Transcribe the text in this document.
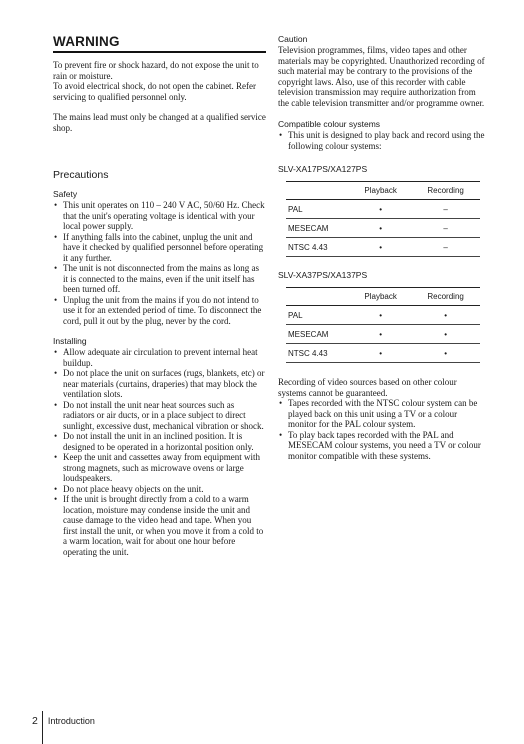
WARNING

To prevent fire or shock hazard, do not expose the unit to rain or moisture.

To avoid electrical shock, do not open the cabinet. Refer servicing to qualified personnel only.

The mains lead must only be changed at a qualified service shop.

Precautions
Safety
• This unit operates on 110 – 240 V AC, 50/60 Hz. Check that the unit's operating voltage is identical with your local power supply.
• If anything falls into the cabinet, unplug the unit and have it checked by qualified personnel before operating it any further.
• The unit is not disconnected from the mains as long as it is connected to the mains, even if the unit itself has been turned off.
• Unplug the unit from the mains if you do not intend to use it for an extended period of time. To disconnect the cord, pull it out by the plug, never by the cord.
Installing
• Allow adequate air circulation to prevent internal heat buildup.
• Do not place the unit on surfaces (rugs, blankets, etc) or near materials (curtains, draperies) that may block the ventilation slots.
• Do not install the unit near heat sources such as radiators or air ducts, or in a place subject to direct sunlight, excessive dust, mechanical vibration or shock.
• Do not install the unit in an inclined position. It is designed to be operated in a horizontal position only.
• Keep the unit and cassettes away from equipment with strong magnets, such as microwave ovens or large loudspeakers.
• Do not place heavy objects on the unit.
• If the unit is brought directly from a cold to a warm location, moisture may condense inside the unit and cause damage to the video head and tape. When you first install the unit, or when you move it from a cold to a warm location, wait for about one hour before operating the unit.
Caution

Television programmes, films, video tapes and other materials may be copyrighted. Unauthorized recording of such material may be contrary to the provisions of the copyright laws. Also, use of this recorder with cable television transmission may require authorization from the cable television transmitter and/or programme owner.

Compatible colour systems
• This unit is designed to play back and record using the following colour systems:
SLV-XA17PS/XA127PS
	Playback	Recording
PAL	•	–
MESECAM	•	–
NTSC 4.43	•	–
SLV-XA37PS/XA137PS
	Playback	Recording
PAL	•	•
MESECAM	•	•
NTSC 4.43	•	•

Recording of video sources based on other colour systems cannot be guaranteed.

• Tapes recorded with the NTSC colour system can be played back on this unit using a TV or a colour monitor for the PAL colour system.
• To play back tapes recorded with the PAL and MESECAM colour systems, you need a TV or colour monitor compatible with these systems.
2	Introduction
